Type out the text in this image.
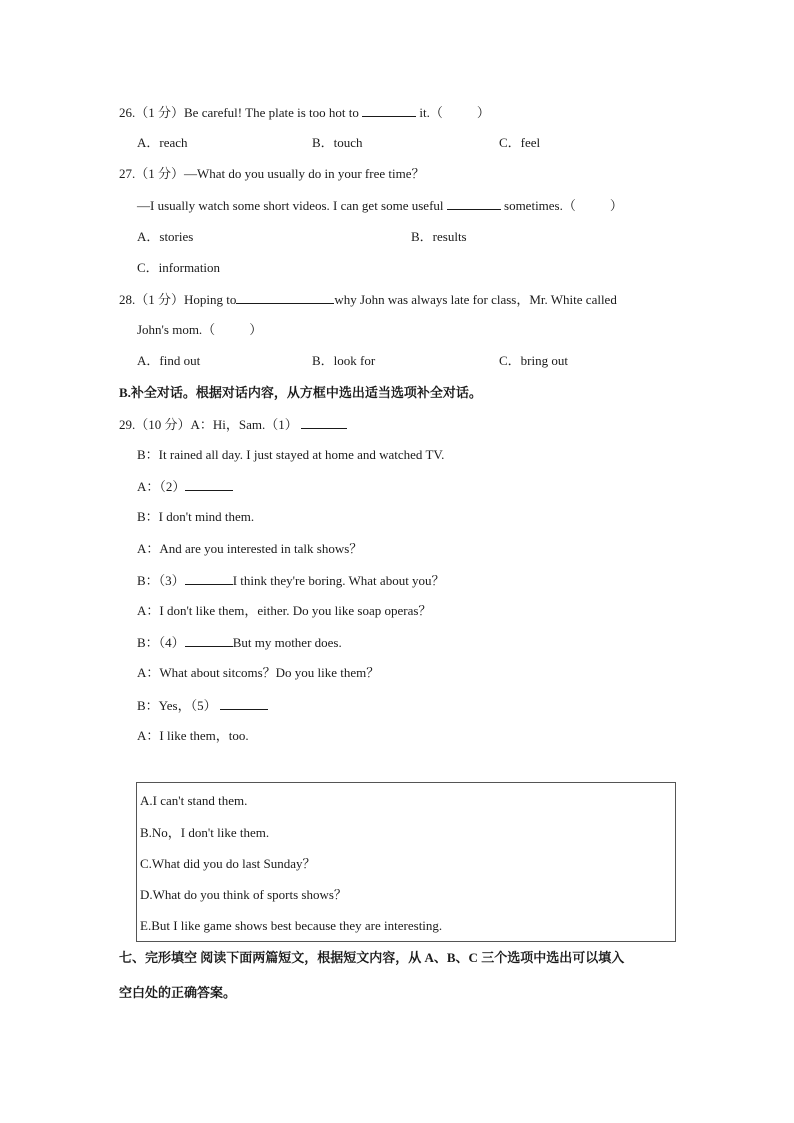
26.（1 分）Be careful! The plate is too hot to	it.（	）
A．reach	B．touch	C．feel
27.（1 分）—What do you usually do in your free time？
—I usually watch some short videos. I can get some useful	sometimes.（	）
A．stories	B．results
C．information
28.（1 分）Hoping to	why John was always late for class，Mr. White called
John's mom.（	）
A．find out	B．look for	C．bring out
B.补全对话。根据对话内容，从方框中选出适当选项补全对话。
29.（10 分）A：Hi，Sam.（1）
B：It rained all day. I just stayed at home and watched TV.
A：（2）
B：I don't mind them.
A：And are you interested in talk shows？
B：（3）	I think they're boring. What about you？
A：I don't like them，either. Do you like soap operas？
B：（4）	But my mother does.
A：What about sitcoms？Do you like them？
B：Yes，（5）
A：I like them，too.
A.I can't stand them.
B.No，I don't like them.
C.What did you do last Sunday？
D.What do you think of sports shows？
E.But I like game shows best because they are interesting.
七、完形填空 阅读下面两篇短文，根据短文内容，从 A、B、C 三个选项中选出可以填入
空白处的正确答案。
